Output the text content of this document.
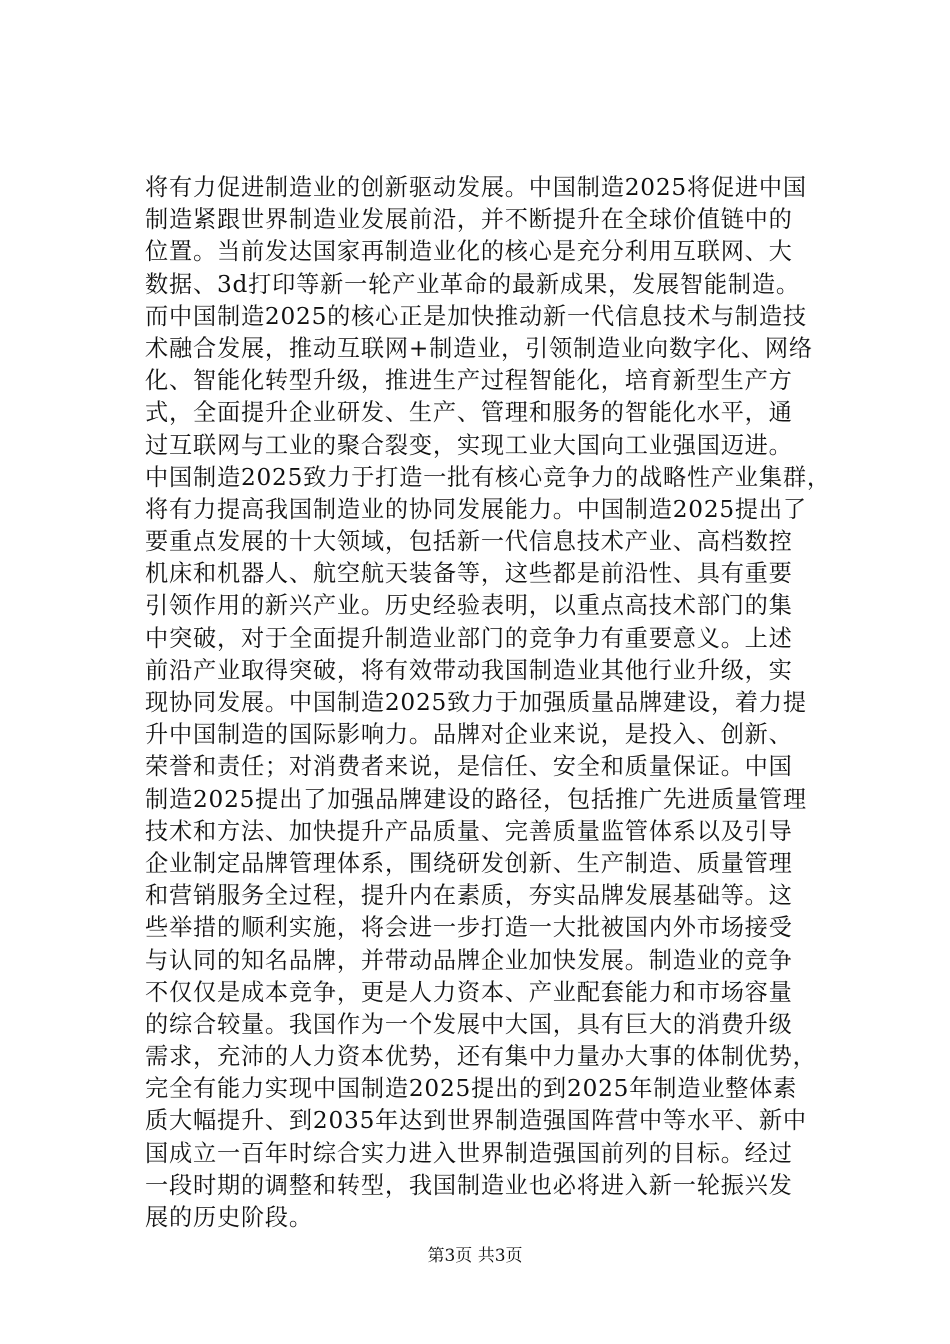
将有力促进制造业的创新驱动发展。中国制造2025将促进中国
制造紧跟世界制造业发展前沿，并不断提升在全球价值链中的
位置。当前发达国家再制造业化的核心是充分利用互联网、大
数据、3d打印等新一轮产业革命的最新成果，发展智能制造。
而中国制造2025的核心正是加快推动新一代信息技术与制造技
术融合发展，推动互联网+制造业，引领制造业向数字化、网络
化、智能化转型升级，推进生产过程智能化，培育新型生产方
式，全面提升企业研发、生产、管理和服务的智能化水平，通
过互联网与工业的聚合裂变，实现工业大国向工业强国迈进。
中国制造2025致力于打造一批有核心竞争力的战略性产业集群，
将有力提高我国制造业的协同发展能力。中国制造2025提出了
要重点发展的十大领域，包括新一代信息技术产业、高档数控
机床和机器人、航空航天装备等，这些都是前沿性、具有重要
引领作用的新兴产业。历史经验表明，以重点高技术部门的集
中突破，对于全面提升制造业部门的竞争力有重要意义。上述
前沿产业取得突破，将有效带动我国制造业其他行业升级，实
现协同发展。中国制造2025致力于加强质量品牌建设，着力提
升中国制造的国际影响力。品牌对企业来说，是投入、创新、
荣誉和责任；对消费者来说，是信任、安全和质量保证。中国
制造2025提出了加强品牌建设的路径，包括推广先进质量管理
技术和方法、加快提升产品质量、完善质量监管体系以及引导
企业制定品牌管理体系，围绕研发创新、生产制造、质量管理
和营销服务全过程，提升内在素质，夯实品牌发展基础等。这
些举措的顺利实施，将会进一步打造一大批被国内外市场接受
与认同的知名品牌，并带动品牌企业加快发展。制造业的竞争
不仅仅是成本竞争，更是人力资本、产业配套能力和市场容量
的综合较量。我国作为一个发展中大国，具有巨大的消费升级
需求，充沛的人力资本优势，还有集中力量办大事的体制优势，
完全有能力实现中国制造2025提出的到2025年制造业整体素
质大幅提升、到2035年达到世界制造强国阵营中等水平、新中
国成立一百年时综合实力进入世界制造强国前列的目标。经过
一段时期的调整和转型，我国制造业也必将进入新一轮振兴发
展的历史阶段。
第3页 共3页
